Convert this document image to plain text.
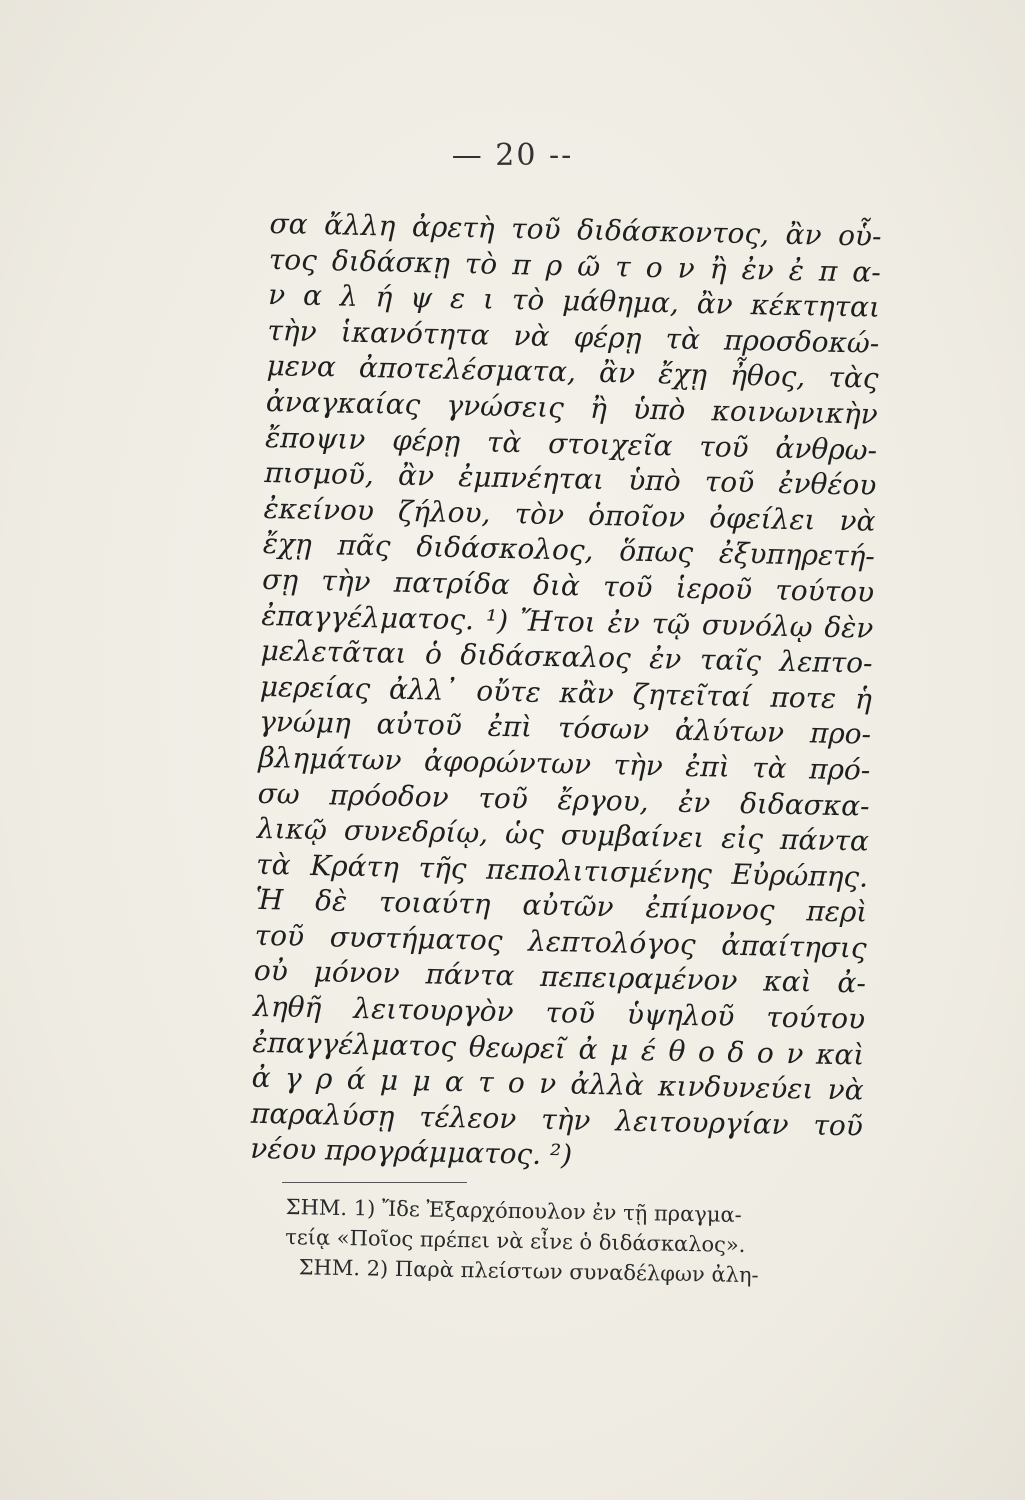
— 20 --
σα ἄλλη ἀρετὴ τοῦ διδάσκοντος, ἂν οὗ-
τος διδάσκῃ τὸ π ρ ῶ τ ο ν ἢ ἐν ἐ π α-
ν α λ ή ψ ε ι τὸ μάθημα, ἂν κέκτηται
τὴν ἱκανότητα νὰ φέρῃ τὰ προσδοκώ-
μενα ἀποτελέσματα, ἂν ἔχῃ ἦθος, τὰς
ἀναγκαίας γνώσεις ἢ ὑπὸ κοινωνικὴν
ἔποψιν φέρῃ τὰ στοιχεῖα τοῦ ἀνθρω-
πισμοῦ, ἂν ἐμπνέηται ὑπὸ τοῦ ἐνθέου
ἐκείνου ζήλου, τὸν ὁποῖον ὀφείλει νὰ
ἔχῃ πᾶς διδάσκολος, ὅπως ἐξυπηρετή-
σῃ τὴν πατρίδα διὰ τοῦ ἱεροῦ τούτου
ἐπαγγέλματος. ¹) Ἤτοι ἐν τῷ συνόλῳ δὲν
μελετᾶται ὁ διδάσκαλος ἐν ταῖς λεπτο-
μερείας ἀλλ᾽ οὔτε κἂν ζητεῖταί ποτε ἡ
γνώμη αὐτοῦ ἐπὶ τόσων ἀλύτων προ-
βλημάτων ἀφορώντων τὴν ἐπὶ τὰ πρό-
σω πρόοδον τοῦ ἔργου, ἐν διδασκα-
λικῷ συνεδρίῳ, ὡς συμβαίνει εἰς πάντα
τὰ Κράτη τῆς πεπολιτισμένης Εὐρώπης.
Ἡ δὲ τοιαύτη αὐτῶν ἐπίμονος περὶ
τοῦ συστήματος λεπτολόγος ἀπαίτησις
οὐ μόνον πάντα πεπειραμένον καὶ ἀ-
ληθῆ λειτουργὸν τοῦ ὑψηλοῦ τούτου
ἐπαγγέλματος θεωρεῖ ἀ μ έ θ ο δ ο ν καὶ
ἀ γ ρ ά μ μ α τ ο ν ἀλλὰ κινδυνεύει νὰ
παραλύσῃ τέλεον τὴν λειτουργίαν τοῦ
νέου προγράμματος. ²)
ΣΗΜ. 1) Ἴδε Ἐξαρχόπουλον ἐν τῇ πραγμα-
τείᾳ «Ποῖος πρέπει νὰ εἶνε ὁ διδάσκαλος».
ΣΗΜ. 2) Παρὰ πλείστων συναδέλφων ἀλη-
